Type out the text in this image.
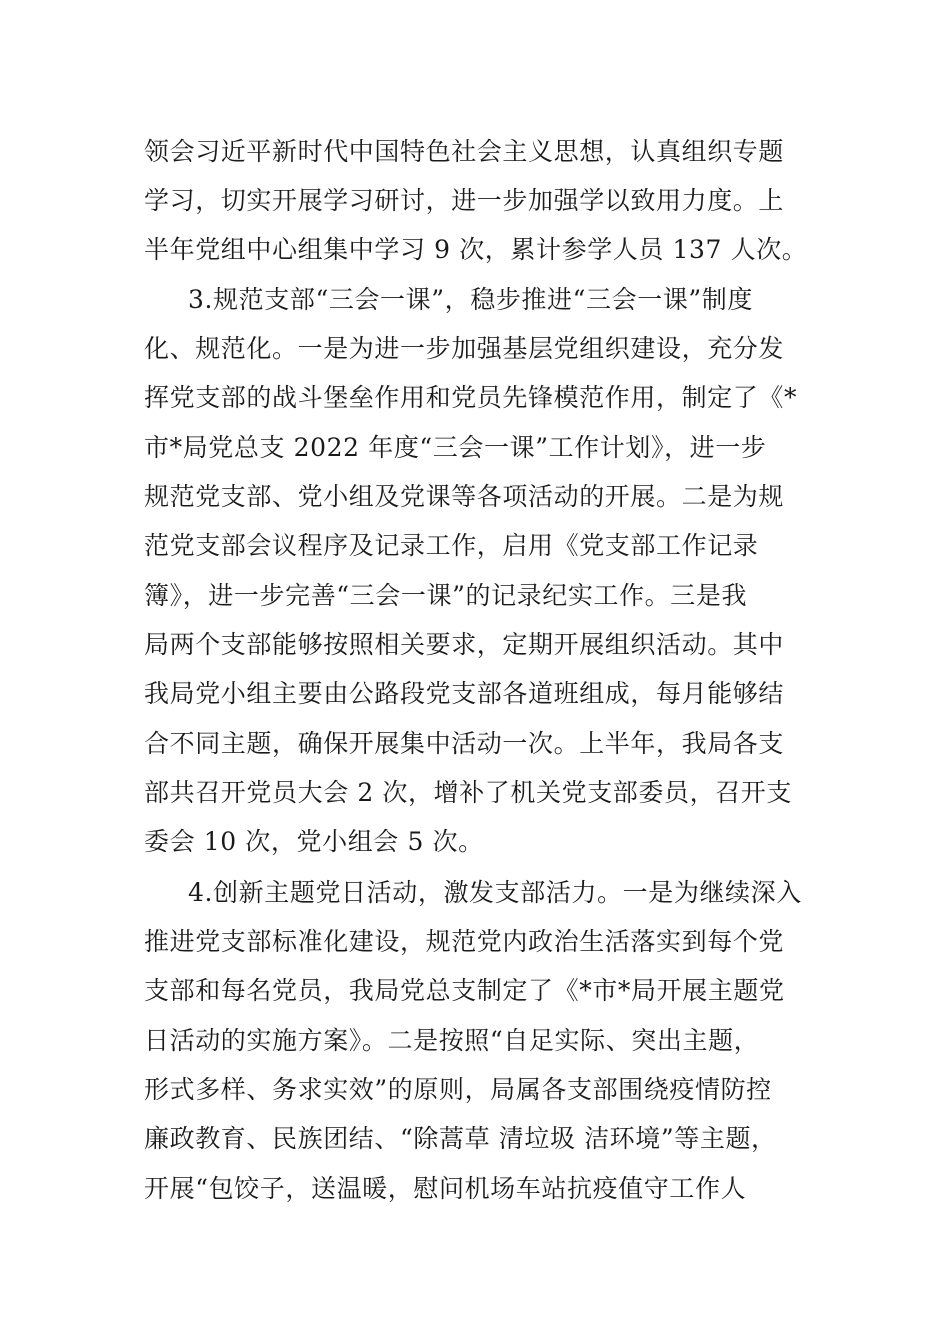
领会习近平新时代中国特色社会主义思想，认真组织专题
学习，切实开展学习研讨，进一步加强学以致用力度。上
半年党组中心组集中学习 9 次，累计参学人员 137 人次。
3.规范支部“三会一课”，稳步推进“三会一课”制度
化、规范化。一是为进一步加强基层党组织建设，充分发
挥党支部的战斗堡垒作用和党员先锋模范作用，制定了《*
市*局党总支 2022 年度“三会一课”工作计划》，进一步
规范党支部、党小组及党课等各项活动的开展。二是为规
范党支部会议程序及记录工作，启用《党支部工作记录
簿》，进一步完善“三会一课”的记录纪实工作。三是我
局两个支部能够按照相关要求，定期开展组织活动。其中
我局党小组主要由公路段党支部各道班组成，每月能够结
合不同主题，确保开展集中活动一次。上半年，我局各支
部共召开党员大会 2 次，增补了机关党支部委员，召开支
委会 10 次，党小组会 5 次。
4.创新主题党日活动，激发支部活力。一是为继续深入
推进党支部标准化建设，规范党内政治生活落实到每个党
支部和每名党员，我局党总支制定了《*市*局开展主题党
日活动的实施方案》。二是按照“自足实际、突出主题，
形式多样、务求实效”的原则，局属各支部围绕疫情防控
廉政教育、民族团结、“除蒿草 清垃圾 洁环境”等主题，
开展“包饺子，送温暖，慰问机场车站抗疫值守工作人
